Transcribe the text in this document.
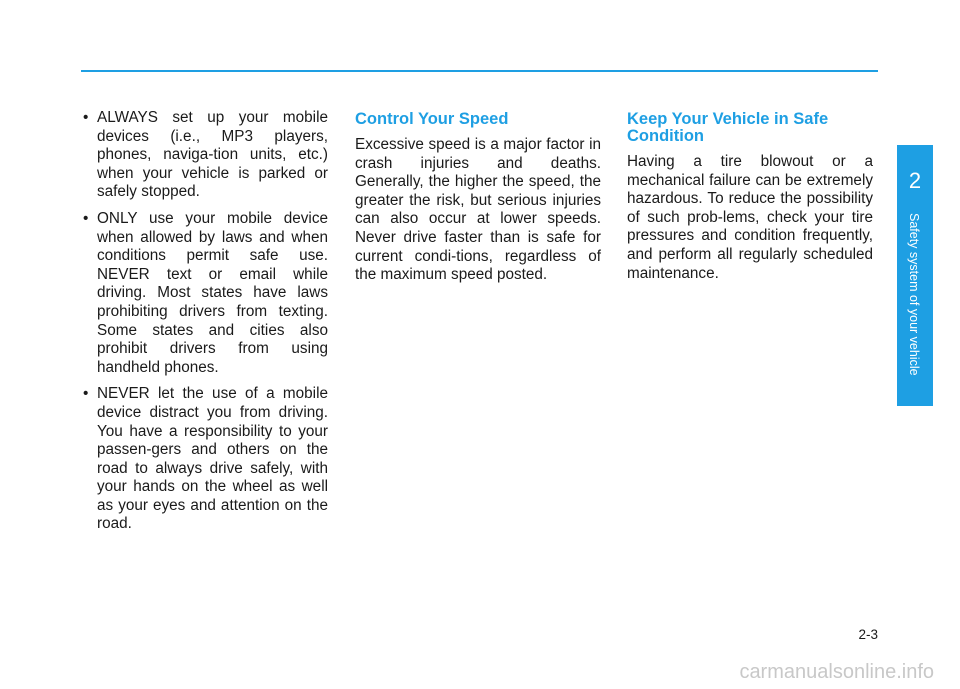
• ALWAYS set up your mobile devices (i.e., MP3 players, phones, naviga-tion units, etc.) when your vehicle is parked or safely stopped.
• ONLY use your mobile device when allowed by laws and when conditions permit safe use. NEVER text or email while driving. Most states have laws prohibiting drivers from texting. Some states and cities also prohibit drivers from using handheld phones.
• NEVER let the use of a mobile device distract you from driving. You have a responsibility to your passen-gers and others on the road to always drive safely, with your hands on the wheel as well as your eyes and attention on the road.
Control Your Speed

Excessive speed is a major factor in crash injuries and deaths. Generally, the higher the speed, the greater the risk, but serious injuries can also occur at lower speeds. Never drive faster than is safe for current condi-tions, regardless of the maximum speed posted.

Keep Your Vehicle in Safe Condition

Having a tire blowout or a mechanical failure can be extremely hazardous. To reduce the possibility of such prob-lems, check your tire pressures and condition frequently, and perform all regularly scheduled maintenance.

2
Safety system of your vehicle
2-3
carmanualsonline.info
